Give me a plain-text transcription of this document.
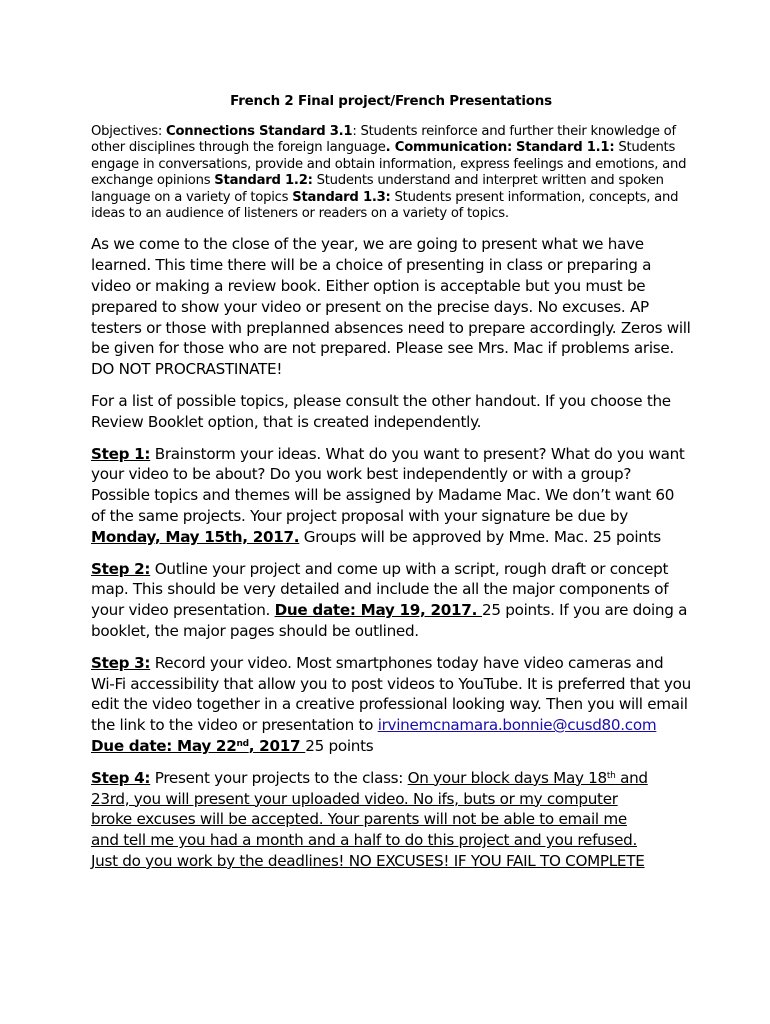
French 2 Final project/French Presentations

Objectives: Connections Standard 3.1: Students reinforce and further their knowledge of other disciplines through the foreign language. Communication: Standard 1.1: Students engage in conversations, provide and obtain information, express feelings and emotions, and exchange opinions Standard 1.2: Students understand and interpret written and spoken language on a variety of topics Standard 1.3: Students present information, concepts, and ideas to an audience of listeners or readers on a variety of topics.

As we come to the close of the year, we are going to present what we have learned. This time there will be a choice of presenting in class or preparing a video or making a review book. Either option is acceptable but you must be prepared to show your video or present on the precise days. No excuses. AP testers or those with preplanned absences need to prepare accordingly. Zeros will be given for those who are not prepared. Please see Mrs. Mac if problems arise. DO NOT PROCRASTINATE!

For a list of possible topics, please consult the other handout. If you choose the Review Booklet option, that is created independently.

Step 1: Brainstorm your ideas. What do you want to present? What do you want your video to be about? Do you work best independently or with a group? Possible topics and themes will be assigned by Madame Mac. We don’t want 60 of the same projects. Your project proposal with your signature be due by Monday, May 15th, 2017. Groups will be approved by Mme. Mac. 25 points

Step 2: Outline your project and come up with a script, rough draft or concept map. This should be very detailed and include the all the major components of your video presentation. Due date: May 19, 2017. 25 points. If you are doing a booklet, the major pages should be outlined.

Step 3: Record your video. Most smartphones today have video cameras and Wi-Fi accessibility that allow you to post videos to YouTube. It is preferred that you edit the video together in a creative professional looking way. Then you will email the link to the video or presentation to irvinemcnamara.bonnie@cusd80.com Due date: May 22nd, 2017 25 points

Step 4: Present your projects to the class: On your block days May 18th and
23rd, you will present your uploaded video. No ifs, buts or my computer
broke excuses will be accepted. Your parents will not be able to email me
and tell me you had a month and a half to do this project and you refused.
Just do you work by the deadlines! NO EXCUSES! IF YOU FAIL TO COMPLETE
